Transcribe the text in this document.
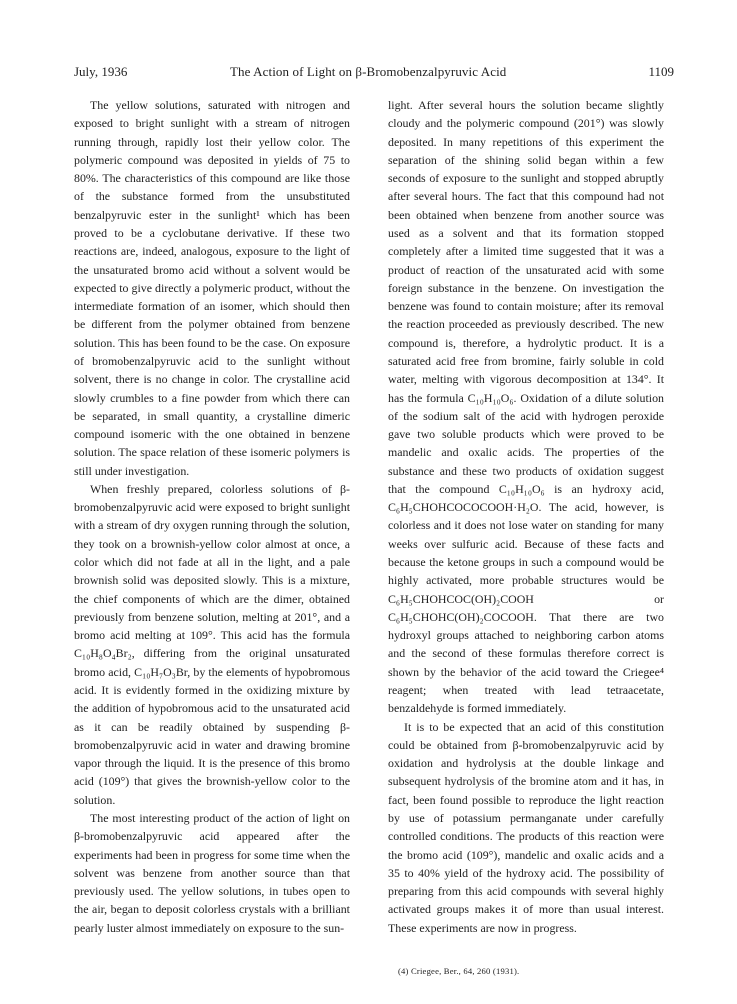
July, 1936	The Action of Light on β-Bromobenzalpyruvic Acid	1109

The yellow solutions, saturated with nitrogen and exposed to bright sunlight with a stream of nitrogen running through, rapidly lost their yellow color. The polymeric compound was deposited in yields of 75 to 80%. The characteristics of this compound are like those of the substance formed from the unsubstituted benzalpyruvic ester in the sunlight¹ which has been proved to be a cyclobutane derivative. If these two reactions are, indeed, analogous, exposure to the light of the unsaturated bromo acid without a solvent would be expected to give directly a polymeric product, without the intermediate formation of an isomer, which should then be different from the polymer obtained from benzene solution. This has been found to be the case. On exposure of bromobenzalpyruvic acid to the sunlight without solvent, there is no change in color. The crystalline acid slowly crumbles to a fine powder from which there can be separated, in small quantity, a crystalline dimeric compound isomeric with the one obtained in benzene solution. The space relation of these isomeric polymers is still under investigation.

When freshly prepared, colorless solutions of β-bromobenzalpyruvic acid were exposed to bright sunlight with a stream of dry oxygen running through the solution, they took on a brownish-yellow color almost at once, a color which did not fade at all in the light, and a pale brownish solid was deposited slowly. This is a mixture, the chief components of which are the dimer, obtained previously from benzene solution, melting at 201°, and a bromo acid melting at 109°. This acid has the formula C₁₀H₈O₄Br₂, differing from the original unsaturated bromo acid, C₁₀H₇O₃Br, by the elements of hypobromous acid. It is evidently formed in the oxidizing mixture by the addition of hypobromous acid to the unsaturated acid as it can be readily obtained by suspending β-bromobenzalpyruvic acid in water and drawing bromine vapor through the liquid. It is the presence of this bromo acid (109°) that gives the brownish-yellow color to the solution.

The most interesting product of the action of light on β-bromobenzalpyruvic acid appeared after the experiments had been in progress for some time when the solvent was benzene from another source than that previously used. The yellow solutions, in tubes open to the air, began to deposit colorless crystals with a brilliant pearly luster almost immediately on exposure to the sun-

light. After several hours the solution became slightly cloudy and the polymeric compound (201°) was slowly deposited. In many repetitions of this experiment the separation of the shining solid began within a few seconds of exposure to the sunlight and stopped abruptly after several hours. The fact that this compound had not been obtained when benzene from another source was used as a solvent and that its formation stopped completely after a limited time suggested that it was a product of reaction of the unsaturated acid with some foreign substance in the benzene. On investigation the benzene was found to contain moisture; after its removal the reaction proceeded as previously described. The new compound is, therefore, a hydrolytic product. It is a saturated acid free from bromine, fairly soluble in cold water, melting with vigorous decomposition at 134°. It has the formula C₁₀H₁₀O₆. Oxidation of a dilute solution of the sodium salt of the acid with hydrogen peroxide gave two soluble products which were proved to be mandelic and oxalic acids. The properties of the substance and these two products of oxidation suggest that the compound C₁₀H₁₀O₆ is an hydroxy acid, C₆H₅CHOHCOCOCOOH·H₂O. The acid, however, is colorless and it does not lose water on standing for many weeks over sulfuric acid. Because of these facts and because the ketone groups in such a compound would be highly activated, more probable structures would be C₆H₅CHOHCOC(OH)₂COOH or C₆H₅CHOHC(OH)₂COCOOH. That there are two hydroxyl groups attached to neighboring carbon atoms and the second of these formulas therefore correct is shown by the behavior of the acid toward the Criegee⁴ reagent; when treated with lead tetraacetate, benzaldehyde is formed immediately.

It is to be expected that an acid of this constitution could be obtained from β-bromobenzalpyruvic acid by oxidation and hydrolysis at the double linkage and subsequent hydrolysis of the bromine atom and it has, in fact, been found possible to reproduce the light reaction by use of potassium permanganate under carefully controlled conditions. The products of this reaction were the bromo acid (109°), mandelic and oxalic acids and a 35 to 40% yield of the hydroxy acid. The possibility of preparing from this acid compounds with several highly activated groups makes it of more than usual interest. These experiments are now in progress.

(4) Criegee, Ber., 64, 260 (1931).
